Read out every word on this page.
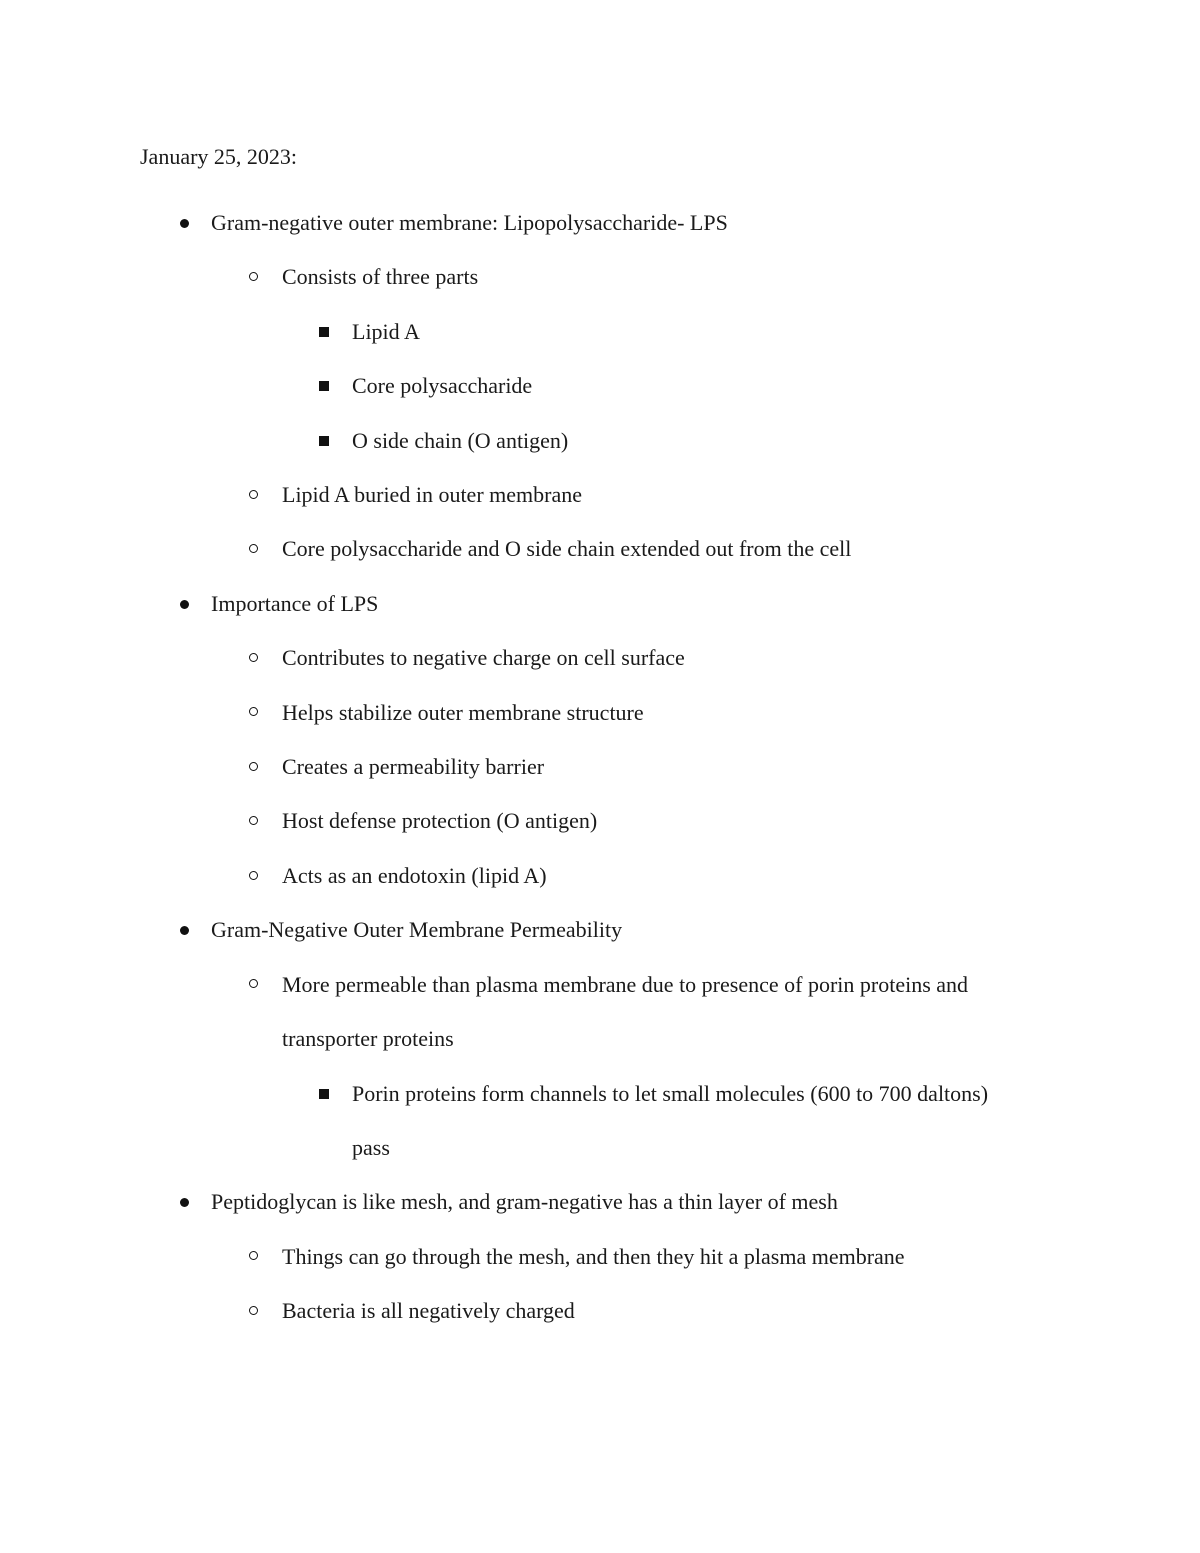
January 25, 2023:
Gram-negative outer membrane: Lipopolysaccharide- LPS
Consists of three parts
Lipid A
Core polysaccharide
O side chain (O antigen)
Lipid A buried in outer membrane
Core polysaccharide and O side chain extended out from the cell
Importance of LPS
Contributes to negative charge on cell surface
Helps stabilize outer membrane structure
Creates a permeability barrier
Host defense protection (O antigen)
Acts as an endotoxin (lipid A)
Gram-Negative Outer Membrane Permeability
More permeable than plasma membrane due to presence of porin proteins and
transporter proteins
Porin proteins form channels to let small molecules (600 to 700 daltons)
pass
Peptidoglycan is like mesh, and gram-negative has a thin layer of mesh
Things can go through the mesh, and then they hit a plasma membrane
Bacteria is all negatively charged
